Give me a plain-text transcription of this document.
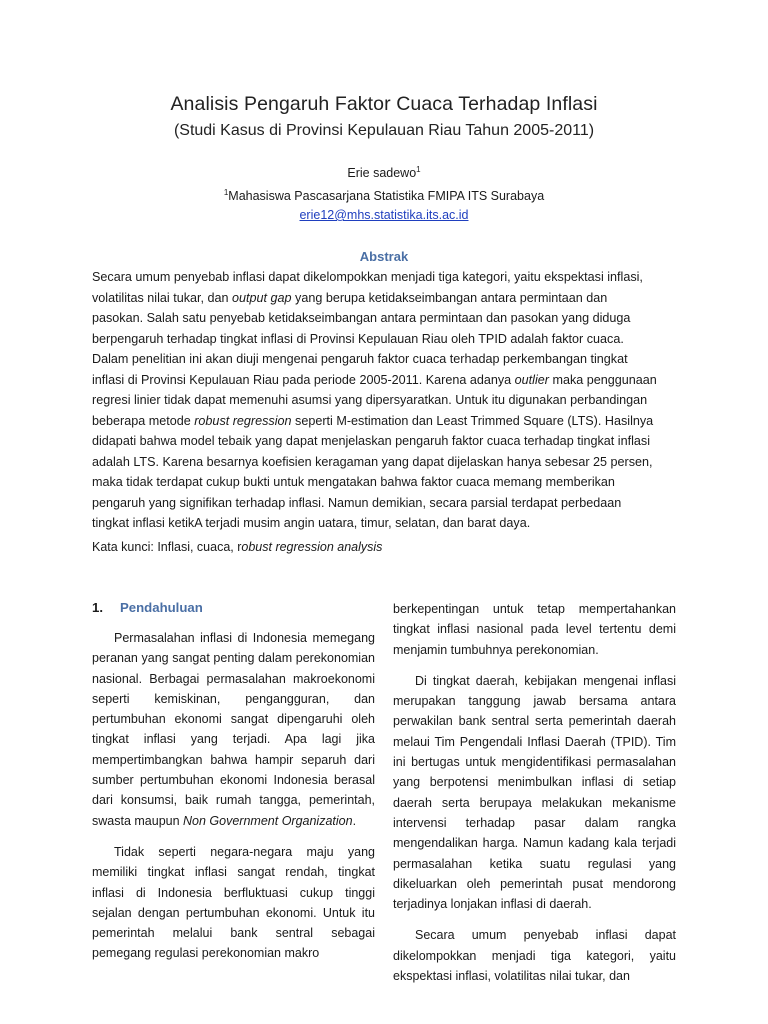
Analisis Pengaruh Faktor Cuaca Terhadap Inflasi
(Studi Kasus di Provinsi Kepulauan Riau Tahun 2005-2011)
Erie sadewo$^1$
$^1$Mahasiswa Pascasarjana Statistika FMIPA ITS Surabaya
erie12@mhs.statistika.its.ac.id
Abstrak
Secara umum penyebab inflasi dapat dikelompokkan menjadi tiga kategori, yaitu ekspektasi inflasi,
volatilitas nilai tukar, dan output gap yang berupa ketidakseimbangan antara permintaan dan
pasokan. Salah satu penyebab ketidakseimbangan antara permintaan dan pasokan yang diduga
berpengaruh terhadap tingkat inflasi di Provinsi Kepulauan Riau oleh TPID adalah faktor cuaca.
Dalam penelitian ini akan diuji mengenai pengaruh faktor cuaca terhadap perkembangan tingkat
inflasi di Provinsi Kepulauan Riau pada periode 2005-2011. Karena adanya outlier maka penggunaan
regresi linier tidak dapat memenuhi asumsi yang dipersyaratkan. Untuk itu digunakan perbandingan
beberapa metode robust regression seperti M-estimation dan Least Trimmed Square (LTS). Hasilnya
didapati bahwa model tebaik yang dapat menjelaskan pengaruh faktor cuaca terhadap tingkat inflasi
adalah LTS. Karena besarnya koefisien keragaman yang dapat dijelaskan hanya sebesar 25 persen,
maka tidak terdapat cukup bukti untuk mengatakan bahwa faktor cuaca memang memberikan
pengaruh yang signifikan terhadap inflasi. Namun demikian, secara parsial terdapat perbedaan
tingkat inflasi ketikA terjadi musim angin uatara, timur, selatan, dan barat daya.
Kata kunci: Inflasi, cuaca, robust regression analysis
1. Pendahuluan

Permasalahan inflasi di Indonesia memegang peranan yang sangat penting dalam perekonomian nasional. Berbagai permasalahan makroekonomi seperti kemiskinan, pengangguran, dan pertumbuhan ekonomi sangat dipengaruhi oleh tingkat inflasi yang terjadi. Apa lagi jika mempertimbangkan bahwa hampir separuh dari sumber pertumbuhan ekonomi Indonesia berasal dari konsumsi, baik rumah tangga, pemerintah, swasta maupun Non Government Organization.

Tidak seperti negara-negara maju yang memiliki tingkat inflasi sangat rendah, tingkat inflasi di Indonesia berfluktuasi cukup tinggi sejalan dengan pertumbuhan ekonomi. Untuk itu pemerintah melalui bank sentral sebagai pemegang regulasi perekonomian makro

berkepentingan untuk tetap mempertahankan tingkat inflasi nasional pada level tertentu demi menjamin tumbuhnya perekonomian.

Di tingkat daerah, kebijakan mengenai inflasi merupakan tanggung jawab bersama antara perwakilan bank sentral serta pemerintah daerah melaui Tim Pengendali Inflasi Daerah (TPID). Tim ini bertugas untuk mengidentifikasi permasalahan yang berpotensi menimbulkan inflasi di setiap daerah serta berupaya melakukan mekanisme intervensi terhadap pasar dalam rangka mengendalikan harga. Namun kadang kala terjadi permasalahan ketika suatu regulasi yang dikeluarkan oleh pemerintah pusat mendorong terjadinya lonjakan inflasi di daerah.

Secara umum penyebab inflasi dapat dikelompokkan menjadi tiga kategori, yaitu ekspektasi inflasi, volatilitas nilai tukar, dan
